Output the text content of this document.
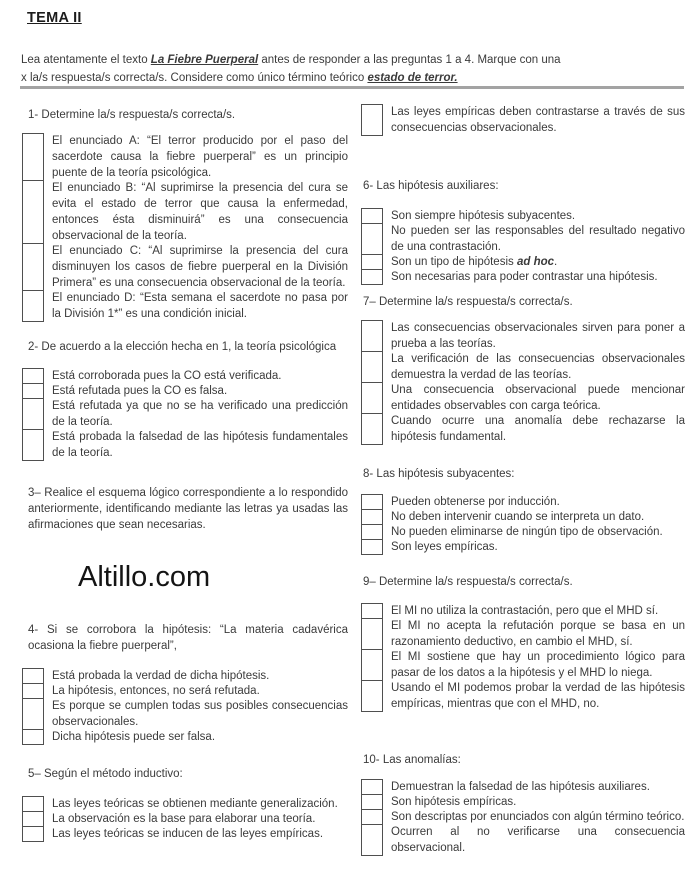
TEMA II
Lea atentamente el texto La Fiebre Puerperal antes de responder a las preguntas 1 a 4. Marque con una x la/s respuesta/s correcta/s. Considere como único término teórico estado de terror.
1- Determine la/s respuesta/s correcta/s.
El enunciado A: “El terror producido por el paso del sacerdote causa la fiebre puerperal” es un principio puente de la teoría psicológica.
El enunciado B: “Al suprimirse la presencia del cura se evita el estado de terror que causa la enfermedad, entonces ésta disminuirá” es una consecuencia observacional de la teoría.
El enunciado C: “Al suprimirse la presencia del cura disminuyen los casos de fiebre puerperal en la División Primera” es una consecuencia observacional de la teoría.
El enunciado D: “Esta semana el sacerdote no pasa por la División 1*” es una condición inicial.
2- De acuerdo a la elección hecha en 1, la teoría psicológica
Está corroborada pues la CO está verificada.
Está refutada pues la CO es falsa.
Está refutada ya que no se ha verificado una predicción de la teoría.
Está probada la falsedad de las hipótesis fundamentales de la teoría.
3– Realice el esquema lógico correspondiente a lo respondido anteriormente, identificando mediante las letras ya usadas las afirmaciones que sean necesarias.
Altillo.com
4- Si se corrobora la hipótesis: “La materia cadavérica ocasiona la fiebre puerperal”,
Está probada la verdad de dicha hipótesis.
La hipótesis, entonces, no será refutada.
Es porque se cumplen todas sus posibles consecuencias observacionales.
Dicha hipótesis puede ser falsa.
5– Según el método inductivo:
Las leyes teóricas se obtienen mediante generalización.
La observación es la base para elaborar una teoría.
Las leyes teóricas se inducen de las leyes empíricas.
Las leyes empíricas deben contrastarse a través de sus consecuencias observacionales.
6- Las hipótesis auxiliares:
Son siempre hipótesis subyacentes.
No pueden ser las responsables del resultado negativo de una contrastación.
Son un tipo de hipótesis ad hoc.
Son necesarias para poder contrastar una hipótesis.
7– Determine la/s respuesta/s correcta/s.
Las consecuencias observacionales sirven para poner a prueba a las teorías.
La verificación de las consecuencias observacionales demuestra la verdad de las teorías.
Una consecuencia observacional puede mencionar entidades observables con carga teórica.
Cuando ocurre una anomalía debe rechazarse la hipótesis fundamental.
8- Las hipótesis subyacentes:
Pueden obtenerse por inducción.
No deben intervenir cuando se interpreta un dato.
No pueden eliminarse de ningún tipo de observación.
Son leyes empíricas.
9– Determine la/s respuesta/s correcta/s.
El MI no utiliza la contrastación, pero que el MHD sí.
El MI no acepta la refutación porque se basa en un razonamiento deductivo, en cambio el MHD, sí.
El MI sostiene que hay un procedimiento lógico para pasar de los datos a la hipótesis y el MHD lo niega.
Usando el MI podemos probar la verdad de las hipótesis empíricas, mientras que con el MHD, no.
10- Las anomalías:
Demuestran la falsedad de las hipótesis auxiliares.
Son hipótesis empíricas.
Son descriptas por enunciados con algún término teórico.
Ocurren al no verificarse una consecuencia observacional.
